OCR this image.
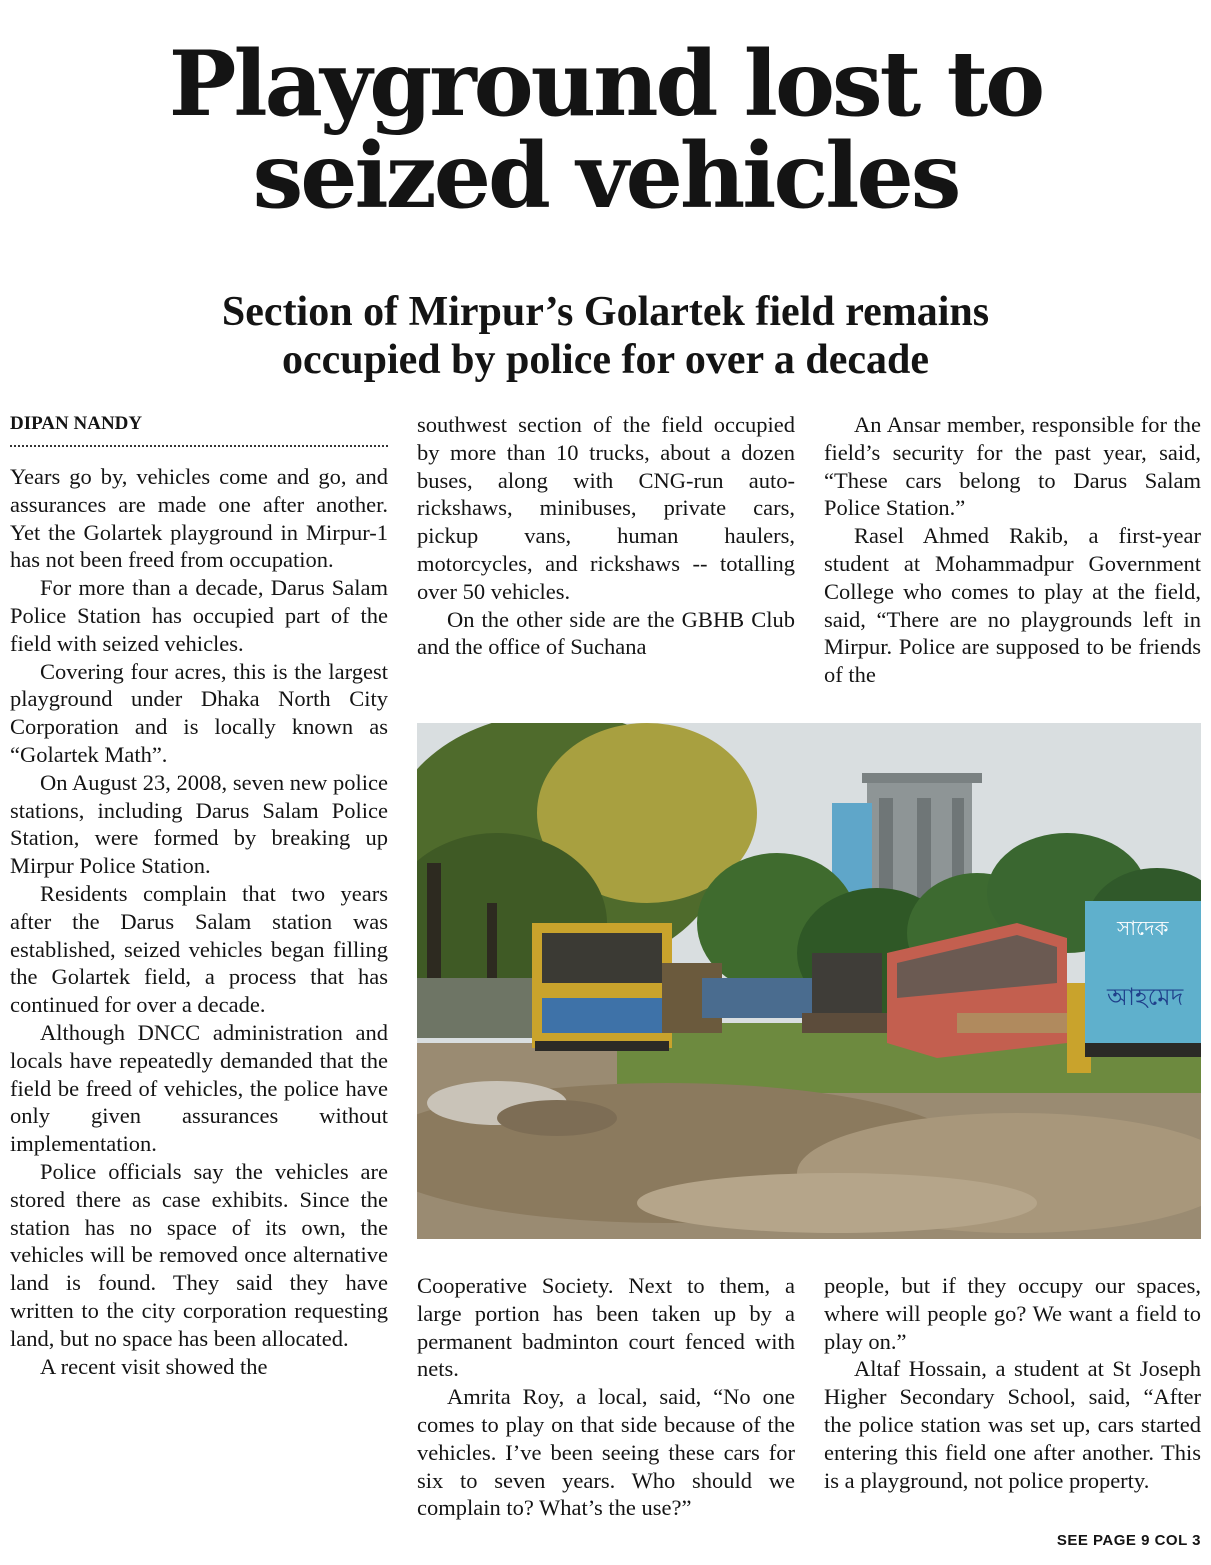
Playground lost to
seized vehicles
Section of Mirpur’s Golartek field remains
occupied by police for over a decade
DIPAN NANDY

Years go by, vehicles come and go, and assurances are made one after another. Yet the Golartek playground in Mirpur-1 has not been freed from occupation.

For more than a decade, Darus Salam Police Station has occupied part of the field with seized vehicles.

Covering four acres, this is the largest playground under Dhaka North City Corporation and is locally known as “Golartek Math”.

On August 23, 2008, seven new police stations, including Darus Salam Police Station, were formed by breaking up Mirpur Police Station.

Residents complain that two years after the Darus Salam station was established, seized vehicles began filling the Golartek field, a process that has continued for over a decade.

Although DNCC administration and locals have repeatedly demanded that the field be freed of vehicles, the police have only given assurances without implementation.

Police officials say the vehicles are stored there as case exhibits. Since the station has no space of its own, the vehicles will be removed once alternative land is found. They said they have written to the city corporation requesting land, but no space has been allocated.

A recent visit showed the

southwest section of the field occupied by more than 10 trucks, about a dozen buses, along with CNG-run auto-rickshaws, minibuses, private cars, pickup vans, human haulers, motorcycles, and rickshaws -- totalling over 50 vehicles.

On the other side are the GBHB Club and the office of Suchana

An Ansar member, responsible for the field’s security for the past year, said, “These cars belong to Darus Salam Police Station.”

Rasel Ahmed Rakib, a first-year student at Mohammadpur Government College who comes to play at the field, said, “There are no playgrounds left in Mirpur. Police are supposed to be friends of the

সাদেক
আহমেদ

Cooperative Society. Next to them, a large portion has been taken up by a permanent badminton court fenced with nets.

Amrita Roy, a local, said, “No one comes to play on that side because of the vehicles. I’ve been seeing these cars for six to seven years. Who should we complain to? What’s the use?”

people, but if they occupy our spaces, where will people go? We want a field to play on.”

Altaf Hossain, a student at St Joseph Higher Secondary School, said, “After the police station was set up, cars started entering this field one after another. This is a playground, not police property.

SEE PAGE 9 COL 3
